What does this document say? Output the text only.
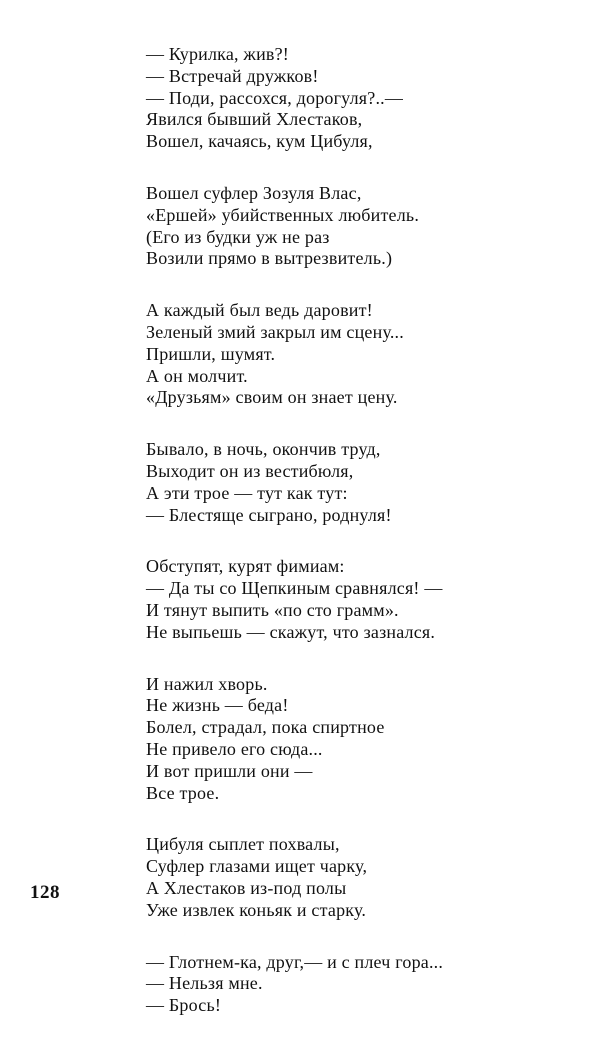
— Курилка, жив?!
— Встречай дружков!
— Поди, рассохся, дорогуля?..—
Явился бывший Хлестаков,
Вошел, качаясь, кум Цибуля,
Вошел суфлер Зозуля Влас,
«Ершей» убийственных любитель.
(Его из будки уж не раз
Возили прямо в вытрезвитель.)
А каждый был ведь даровит!
Зеленый змий закрыл им сцену...
Пришли, шумят.
А он молчит.
«Друзьям» своим он знает цену.
Бывало, в ночь, окончив труд,
Выходит он из вестибюля,
А эти трое — тут как тут:
— Блестяще сыграно, роднуля!
Обступят, курят фимиам:
— Да ты со Щепкиным сравнялся! —
И тянут выпить «по сто грамм».
Не выпьешь — скажут, что зазнался.
И нажил хворь.
Не жизнь — беда!
Болел, страдал, пока спиртное
Не привело его сюда...
И вот пришли они —
Все трое.
Цибуля сыплет похвалы,
Суфлер глазами ищет чарку,
А Хлестаков из-под полы
Уже извлек коньяк и старку.
— Глотнем-ка, друг,— и с плеч гора...
— Нельзя мне.
— Брось!
128
